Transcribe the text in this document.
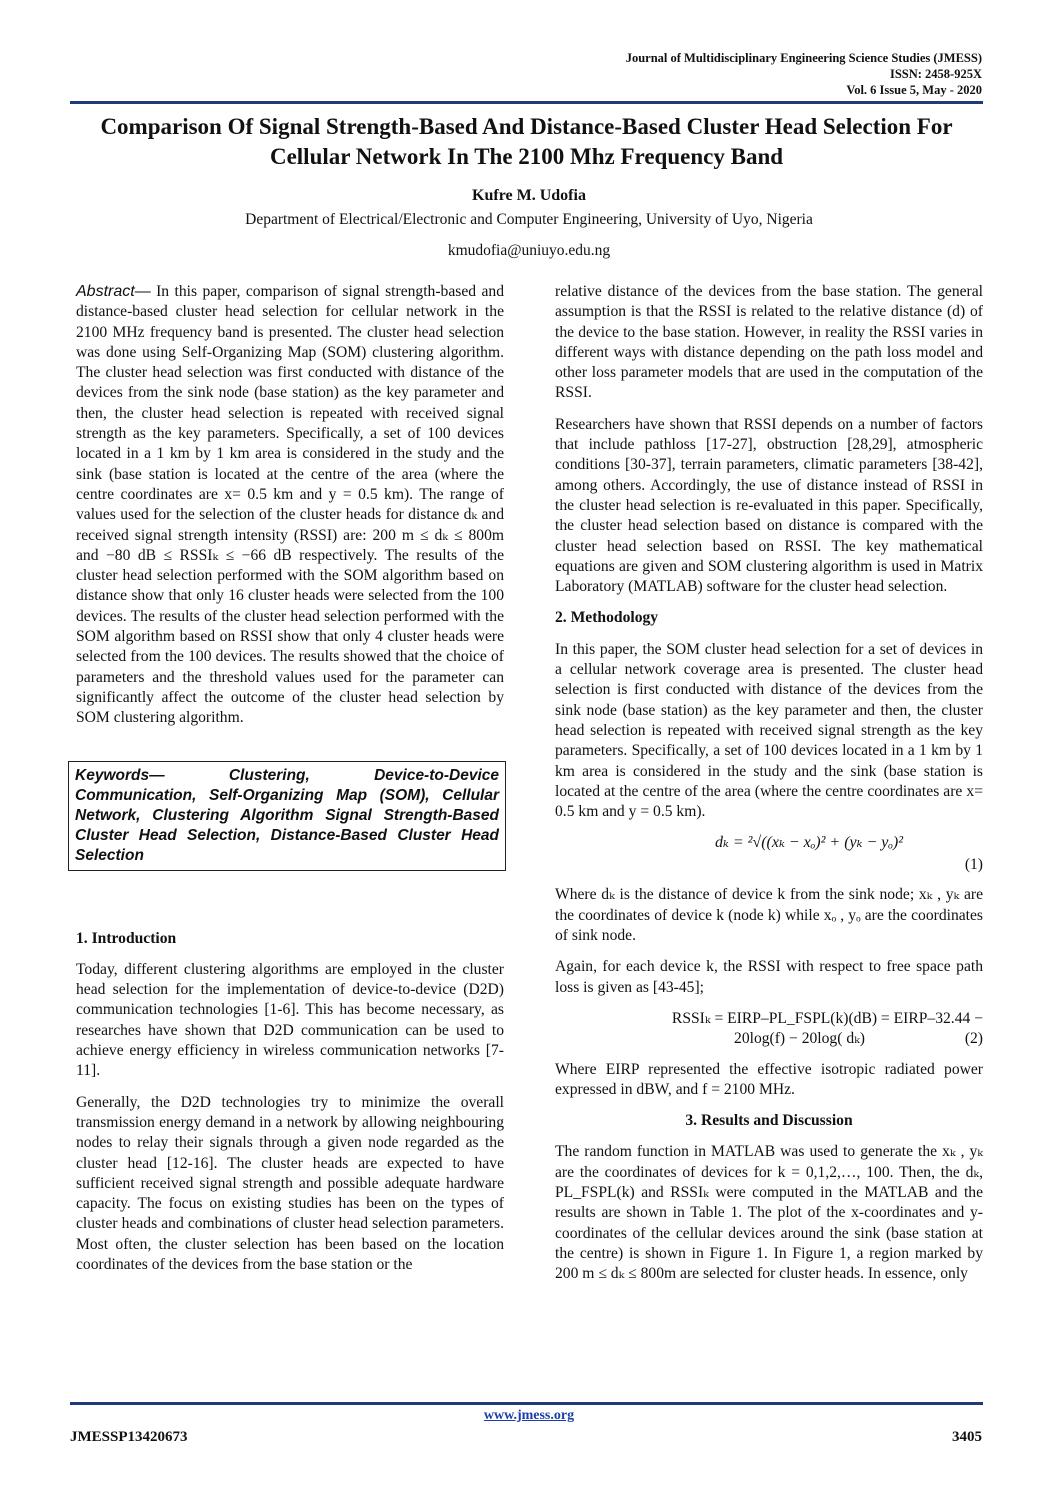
Journal of Multidisciplinary Engineering Science Studies (JMESS)
ISSN: 2458-925X
Vol. 6 Issue 5, May - 2020
Comparison Of Signal Strength-Based And Distance-Based Cluster Head Selection For Cellular Network In The 2100 Mhz Frequency Band
Kufre M. Udofia
Department of Electrical/Electronic and Computer Engineering, University of Uyo, Nigeria
kmudofia@uniuyo.edu.ng

Abstract— In this paper, comparison of signal strength-based and distance-based cluster head selection for cellular network in the 2100 MHz frequency band is presented. The cluster head selection was done using Self-Organizing Map (SOM) clustering algorithm. The cluster head selection was first conducted with distance of the devices from the sink node (base station) as the key parameter and then, the cluster head selection is repeated with received signal strength as the key parameters. Specifically, a set of 100 devices located in a 1 km by 1 km area is considered in the study and the sink (base station is located at the centre of the area (where the centre coordinates are x= 0.5 km and y = 0.5 km). The range of values used for the selection of the cluster heads for distance dₖ and received signal strength intensity (RSSI) are: 200 m ≤ dₖ ≤ 800m and −80 dB ≤ RSSIₖ ≤ −66 dB respectively. The results of the cluster head selection performed with the SOM algorithm based on distance show that only 16 cluster heads were selected from the 100 devices. The results of the cluster head selection performed with the SOM algorithm based on RSSI show that only 4 cluster heads were selected from the 100 devices. The results showed that the choice of parameters and the threshold values used for the parameter can significantly affect the outcome of the cluster head selection by SOM clustering algorithm.

Keywords— Clustering, Device-to-Device Communication, Self-Organizing Map (SOM), Cellular Network, Clustering Algorithm Signal Strength-Based Cluster Head Selection, Distance-Based Cluster Head Selection

1. Introduction

Today, different clustering algorithms are employed in the cluster head selection for the implementation of device-to-device (D2D) communication technologies [1-6]. This has become necessary, as researches have shown that D2D communication can be used to achieve energy efficiency in wireless communication networks [7-11].

Generally, the D2D technologies try to minimize the overall transmission energy demand in a network by allowing neighbouring nodes to relay their signals through a given node regarded as the cluster head [12-16]. The cluster heads are expected to have sufficient received signal strength and possible adequate hardware capacity. The focus on existing studies has been on the types of cluster heads and combinations of cluster head selection parameters. Most often, the cluster selection has been based on the location coordinates of the devices from the base station or the

relative distance of the devices from the base station. The general assumption is that the RSSI is related to the relative distance (d) of the device to the base station. However, in reality the RSSI varies in different ways with distance depending on the path loss model and other loss parameter models that are used in the computation of the RSSI.

Researchers have shown that RSSI depends on a number of factors that include pathloss [17-27], obstruction [28,29], atmospheric conditions [30-37], terrain parameters, climatic parameters [38-42], among others. Accordingly, the use of distance instead of RSSI in the cluster head selection is re-evaluated in this paper. Specifically, the cluster head selection based on distance is compared with the cluster head selection based on RSSI. The key mathematical equations are given and SOM clustering algorithm is used in Matrix Laboratory (MATLAB) software for the cluster head selection.

2. Methodology

In this paper, the SOM cluster head selection for a set of devices in a cellular network coverage area is presented. The cluster head selection is first conducted with distance of the devices from the sink node (base station) as the key parameter and then, the cluster head selection is repeated with received signal strength as the key parameters. Specifically, a set of 100 devices located in a 1 km by 1 km area is considered in the study and the sink (base station is located at the centre of the area (where the centre coordinates are x= 0.5 km and y = 0.5 km).

dₖ = ²√((xₖ − xₒ)² + (yₖ − yₒ)²
(1)

Where dₖ is the distance of device k from the sink node; xₖ , yₖ are the coordinates of device k (node k) while xₒ , yₒ are the coordinates of sink node.

Again, for each device k, the RSSI with respect to free space path loss is given as [43-45];

RSSIₖ = EIRP–PL_FSPL(k)(dB) = EIRP–32.44 −
20log(f) − 20log( dₖ)	(2)

Where EIRP represented the effective isotropic radiated power expressed in dBW, and f = 2100 MHz.

3. Results and Discussion

The random function in MATLAB was used to generate the xₖ , yₖ are the coordinates of devices for k = 0,1,2,…, 100. Then, the dₖ, PL_FSPL(k) and RSSIₖ were computed in the MATLAB and the results are shown in Table 1. The plot of the x-coordinates and y-coordinates of the cellular devices around the sink (base station at the centre) is shown in Figure 1. In Figure 1, a region marked by 200 m ≤ dₖ ≤ 800m are selected for cluster heads. In essence, only

www.jmess.org
JMESSP13420673	3405
